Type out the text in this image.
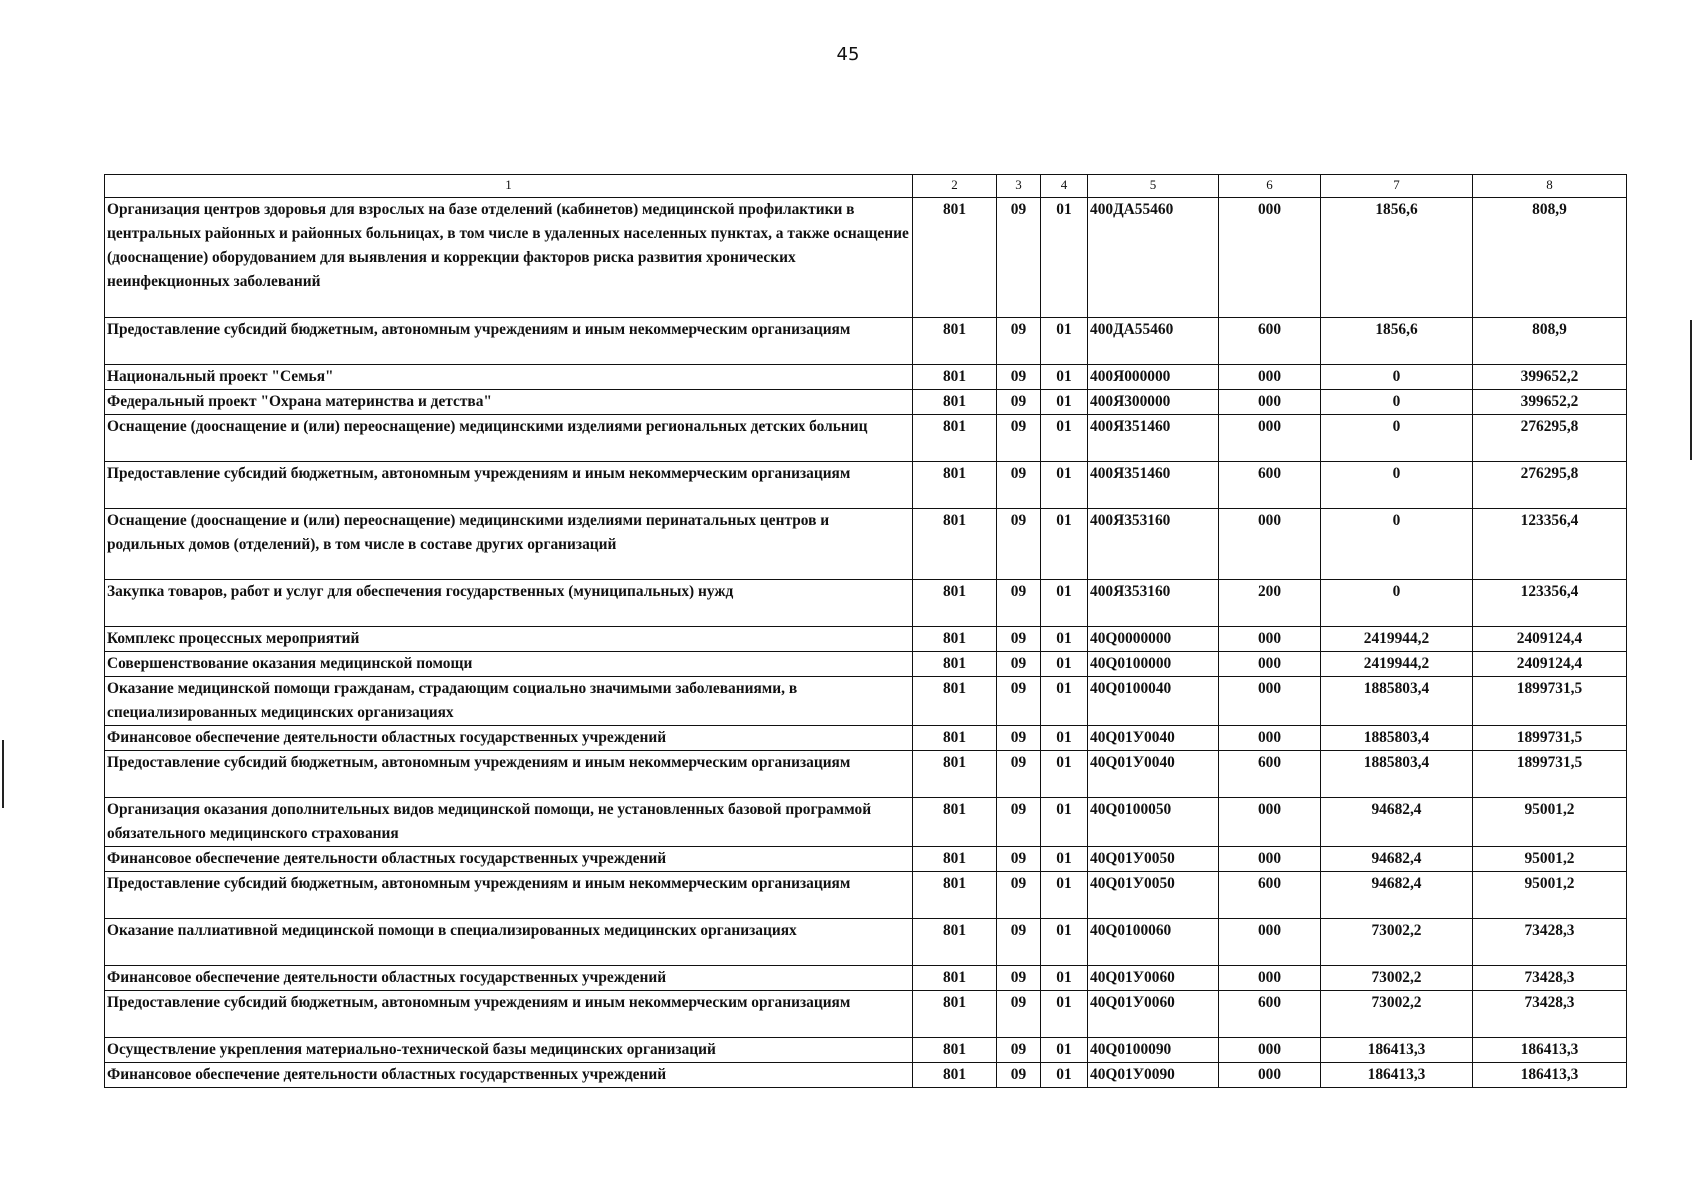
45
1	2	3	4	5	6	7	8
Организация центров здоровья для взрослых на базе отделений (кабинетов) медицинской профилактики в центральных районных и районных больницах, в том числе в удаленных населенных пунктах, а также оснащение (дооснащение) оборудованием для выявления и коррекции факторов риска развития хронических неинфекционных заболеваний	801	09	01	400ДА55460	000	1856,6	808,9
Предоставление субсидий бюджетным, автономным учреждениям и иным некоммерческим организациям	801	09	01	400ДА55460	600	1856,6	808,9
Национальный проект "Семья"	801	09	01	400Я000000	000	0	399652,2
Федеральный проект "Охрана материнства и детства"	801	09	01	400Я300000	000	0	399652,2
Оснащение (дооснащение и (или) переоснащение) медицинскими изделиями региональных детских больниц	801	09	01	400Я351460	000	0	276295,8
Предоставление субсидий бюджетным, автономным учреждениям и иным некоммерческим организациям	801	09	01	400Я351460	600	0	276295,8
Оснащение (дооснащение и (или) переоснащение) медицинскими изделиями перинатальных центров и родильных домов (отделений), в том числе в составе других организаций	801	09	01	400Я353160	000	0	123356,4
Закупка товаров, работ и услуг для обеспечения государственных (муниципальных) нужд	801	09	01	400Я353160	200	0	123356,4
Комплекс процессных мероприятий	801	09	01	40Q0000000	000	2419944,2	2409124,4
Совершенствование оказания медицинской помощи	801	09	01	40Q0100000	000	2419944,2	2409124,4
Оказание медицинской помощи гражданам, страдающим социально значимыми заболеваниями, в специализированных медицинских организациях	801	09	01	40Q0100040	000	1885803,4	1899731,5
Финансовое обеспечение деятельности областных государственных учреждений	801	09	01	40Q01У0040	000	1885803,4	1899731,5
Предоставление субсидий бюджетным, автономным учреждениям и иным некоммерческим организациям	801	09	01	40Q01У0040	600	1885803,4	1899731,5
Организация оказания дополнительных видов медицинской помощи, не установленных базовой программой обязательного медицинского страхования	801	09	01	40Q0100050	000	94682,4	95001,2
Финансовое обеспечение деятельности областных государственных учреждений	801	09	01	40Q01У0050	000	94682,4	95001,2
Предоставление субсидий бюджетным, автономным учреждениям и иным некоммерческим организациям	801	09	01	40Q01У0050	600	94682,4	95001,2
Оказание паллиативной медицинской помощи в специализированных медицинских организациях	801	09	01	40Q0100060	000	73002,2	73428,3
Финансовое обеспечение деятельности областных государственных учреждений	801	09	01	40Q01У0060	000	73002,2	73428,3
Предоставление субсидий бюджетным, автономным учреждениям и иным некоммерческим организациям	801	09	01	40Q01У0060	600	73002,2	73428,3
Осуществление укрепления материально-технической базы медицинских организаций	801	09	01	40Q0100090	000	186413,3	186413,3
Финансовое обеспечение деятельности областных государственных учреждений	801	09	01	40Q01У0090	000	186413,3	186413,3
